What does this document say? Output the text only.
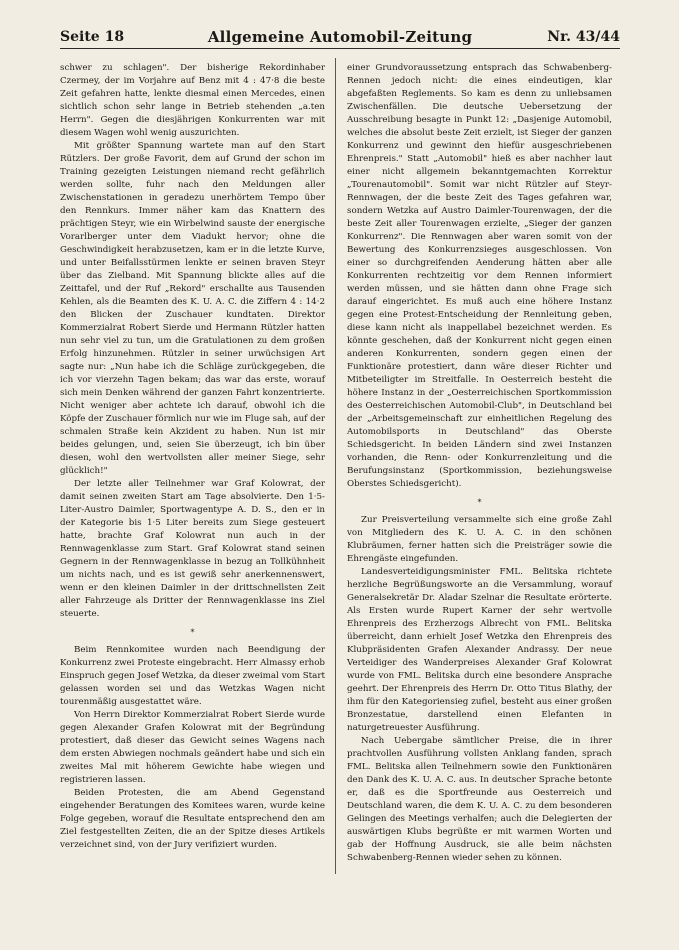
Seite 18	Allgemeine Automobil-Zeitung	Nr. 43/44

schwer zu schlagen". Der bisherige Rekordinhaber Czermey, der im Vorjahre auf Benz mit 4 : 47·8 die beste Zeit gefahren hatte, lenkte diesmal einen Mercedes, einen sichtlich schon sehr lange in Betrieb stehenden „a.ten Herrn". Gegen die diesjährigen Konkurrenten war mit diesem Wagen wohl wenig auszurichten.

Mit größter Spannung wartete man auf den Start Rützlers. Der große Favorit, dem auf Grund der schon im Training gezeigten Leistungen niemand recht gefährlich werden sollte, fuhr nach den Meldungen aller Zwischenstationen in geradezu unerhörtem Tempo über den Rennkurs. Immer näher kam das Knattern des prächtigen Steyr, wie ein Wirbelwind sauste der energische Vorarlberger unter dem Viadukt hervor; ohne die Geschwindigkeit herabzusetzen, kam er in die letzte Kurve, und unter Beifallsstürmen lenkte er seinen braven Steyr über das Zielband. Mit Spannung blickte alles auf die Zeittafel, und der Ruf „Rekord" erschallte aus Tausenden Kehlen, als die Beamten des K. U. A. C. die Ziffern 4 : 14·2 den Blicken der Zuschauer kundtaten. Direktor Kommerzialrat Robert Sierde und Hermann Rützler hatten nun sehr viel zu tun, um die Gratulationen zu dem großen Erfolg hinzunehmen. Rützler in seiner urwüchsigen Art sagte nur: „Nun habe ich die Schläge zurückgegeben, die ich vor vierzehn Tagen bekam; das war das erste, worauf sich mein Denken während der ganzen Fahrt konzentrierte. Nicht weniger aber achtete ich darauf, obwohl ich die Köpfe der Zuschauer förmlich nur wie im Fluge sah, auf der schmalen Straße kein Akzident zu haben. Nun ist mir beides gelungen, und, seien Sie überzeugt, ich bin über diesen, wohl den wertvollsten aller meiner Siege, sehr glücklich!"

Der letzte aller Teilnehmer war Graf Kolowrat, der damit seinen zweiten Start am Tage absolvierte. Den 1·5-Liter-Austro Daimler, Sportwagentype A. D. S., den er in der Kategorie bis 1·5 Liter bereits zum Siege gesteuert hatte, brachte Graf Kolowrat nun auch in der Rennwagenklasse zum Start. Graf Kolowrat stand seinen Gegnern in der Rennwagenklasse in bezug an Tollkühnheit um nichts nach, und es ist gewiß sehr anerkennenswert, wenn er den kleinen Daimler in der drittschnellsten Zeit aller Fahrzeuge als Dritter der Rennwagenklasse ins Ziel steuerte.

*

Beim Rennkomitee wurden nach Beendigung der Konkurrenz zwei Proteste eingebracht. Herr Almassy erhob Einspruch gegen Josef Wetzka, da dieser zweimal vom Start gelassen worden sei und das Wetzkas Wagen nicht tourenmäßig ausgestattet wäre.

Von Herrn Direktor Kommerzialrat Robert Sierde wurde gegen Alexander Grafen Kolowrat mit der Begründung protestiert, daß dieser das Gewicht seines Wagens nach dem ersten Abwiegen nochmals geändert habe und sich ein zweites Mal mit höherem Gewichte habe wiegen und registrieren lassen.

Beiden Protesten, die am Abend Gegenstand eingehender Beratungen des Komitees waren, wurde keine Folge gegeben, worauf die Resultate entsprechend den am Ziel festgestellten Zeiten, die an der Spitze dieses Artikels verzeichnet sind, von der Jury verifiziert wurden.

einer Grundvoraussetzung entsprach das Schwabenberg-Rennen jedoch nicht: die eines eindeutigen, klar abgefaßten Reglements. So kam es denn zu unliebsamen Zwischenfällen. Die deutsche Uebersetzung der Ausschreibung besagte in Punkt 12: „Dasjenige Automobil, welches die absolut beste Zeit erzielt, ist Sieger der ganzen Konkurrenz und gewinnt den hiefür ausgeschriebenen Ehrenpreis." Statt „Automobil" hieß es aber nachher laut einer nicht allgemein bekanntgemachten Korrektur „Tourenautomobil". Somit war nicht Rützler auf Steyr-Rennwagen, der die beste Zeit des Tages gefahren war, sondern Wetzka auf Austro Daimler-Tourenwagen, der die beste Zeit aller Tourenwagen erzielte, „Sieger der ganzen Konkurrenz". Die Rennwagen aber waren somit von der Bewertung des Konkurrenzsieges ausgeschlossen. Von einer so durchgreifenden Aenderung hätten aber alle Konkurrenten rechtzeitig vor dem Rennen informiert werden müssen, und sie hätten dann ohne Frage sich darauf eingerichtet. Es muß auch eine höhere Instanz gegen eine Protest-Entscheidung der Rennleitung geben, diese kann nicht als inappellabel bezeichnet werden. Es könnte geschehen, daß der Konkurrent nicht gegen einen anderen Konkurrenten, sondern gegen einen der Funktionäre protestiert, dann wäre dieser Richter und Mitbeteiligter im Streitfalle. In Oesterreich besteht die höhere Instanz in der „Oesterreichischen Sportkommission des Oesterreichischen Automobil-Club", in Deutschland bei der „Arbeitsgemeinschaft zur einheitlichen Regelung des Automobilsports in Deutschland" das Oberste Schiedsgericht. In beiden Ländern sind zwei Instanzen vorhanden, die Renn- oder Konkurrenzleitung und die Berufungsinstanz (Sportkommission, beziehungsweise Oberstes Schiedsgericht).

*

Zur Preisverteilung versammelte sich eine große Zahl von Mitgliedern des K. U. A. C. in den schönen Klubräumen, ferner hatten sich die Preisträger sowie die Ehrengäste eingefunden.

Landesverteidigungsminister FML. Belitska richtete herzliche Begrüßungsworte an die Versammlung, worauf Generalsekretär Dr. Aladar Szelnar die Resultate erörterte. Als Ersten wurde Rupert Karner der sehr wertvolle Ehrenpreis des Erzherzogs Albrecht von FML. Belitska überreicht, dann erhielt Josef Wetzka den Ehrenpreis des Klubpräsidenten Grafen Alexander Andrassy. Der neue Verteidiger des Wanderpreises Alexander Graf Kolowrat wurde von FML. Belitska durch eine besondere Ansprache geehrt. Der Ehrenpreis des Herrn Dr. Otto Titus Blathy, der ihm für den Kategoriensieg zufiel, besteht aus einer großen Bronzestatue, darstellend einen Elefanten in naturgetreuester Ausführung.

Nach Uebergabe sämtlicher Preise, die in ihrer prachtvollen Ausführung vollsten Anklang fanden, sprach FML. Belitska allen Teilnehmern sowie den Funktionären den Dank des K. U. A. C. aus. In deutscher Sprache betonte er, daß es die Sportfreunde aus Oesterreich und Deutschland waren, die dem K. U. A. C. zu dem besonderen Gelingen des Meetings verhalfen; auch die Delegierten der auswärtigen Klubs begrüßte er mit warmen Worten und gab der Hoffnung Ausdruck, sie alle beim nächsten Schwabenberg-Rennen wieder sehen zu können.
